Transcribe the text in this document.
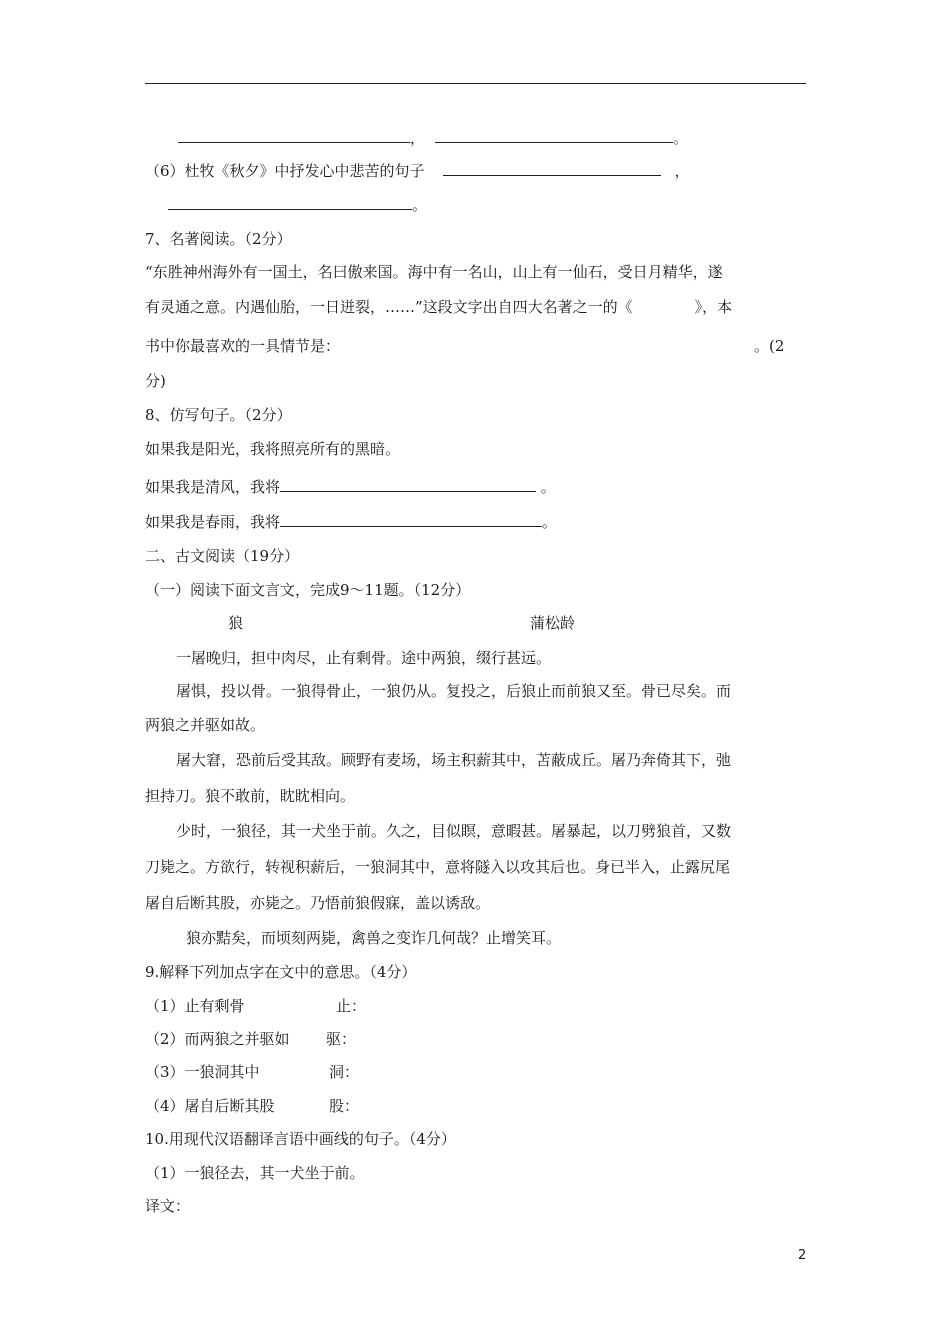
，	。
（6）杜牧《秋夕》中抒发心中悲苦的句子	，
。
7、名著阅读。（2分）
“东胜神州海外有一国土，名曰傲来国。海中有一名山，山上有一仙石，受日月精华，遂
有灵通之意。内遇仙胎，一日迸裂，……”这段文字出自四大名著之一的《	》，本
书中你最喜欢的一具情节是：	。(2
分)
8、仿写句子。（2分）
如果我是阳光，我将照亮所有的黑暗。
如果我是清风，我将	。
如果我是春雨，我将	。
二、古文阅读（19分）
（一）阅读下面文言文，完成9～11题。（12分）
狼	蒲松龄
一屠晚归，担中肉尽，止有剩骨。途中两狼，缀行甚远。
屠惧，投以骨。一狼得骨止，一狼仍从。复投之，后狼止而前狼又至。骨已尽矣。而
两狼之并驱如故。
屠大窘，恐前后受其敌。顾野有麦场，场主积薪其中，苫蔽成丘。屠乃奔倚其下，弛
担持刀。狼不敢前，眈眈相向。
少时，一狼径，其一犬坐于前。久之，目似瞑，意暇甚。屠暴起，以刀劈狼首，又数
刀毙之。方欲行，转视积薪后，一狼洞其中，意将隧入以攻其后也。身已半入，止露尻尾
屠自后断其股，亦毙之。乃悟前狼假寐，盖以诱敌。
狼亦黠矣，而顷刻两毙，禽兽之变诈几何哉？止增笑耳。
9.解释下列加点字在文中的意思。（4分）
（1）止有剩骨	止：
（2）而两狼之并驱如 驱：
（3）一狼洞其中	洞：
（4）屠自后断其股	股：
10.用现代汉语翻译言语中画线的句子。（4分）
（1）一狼径去，其一犬坐于前。
译文：
2
